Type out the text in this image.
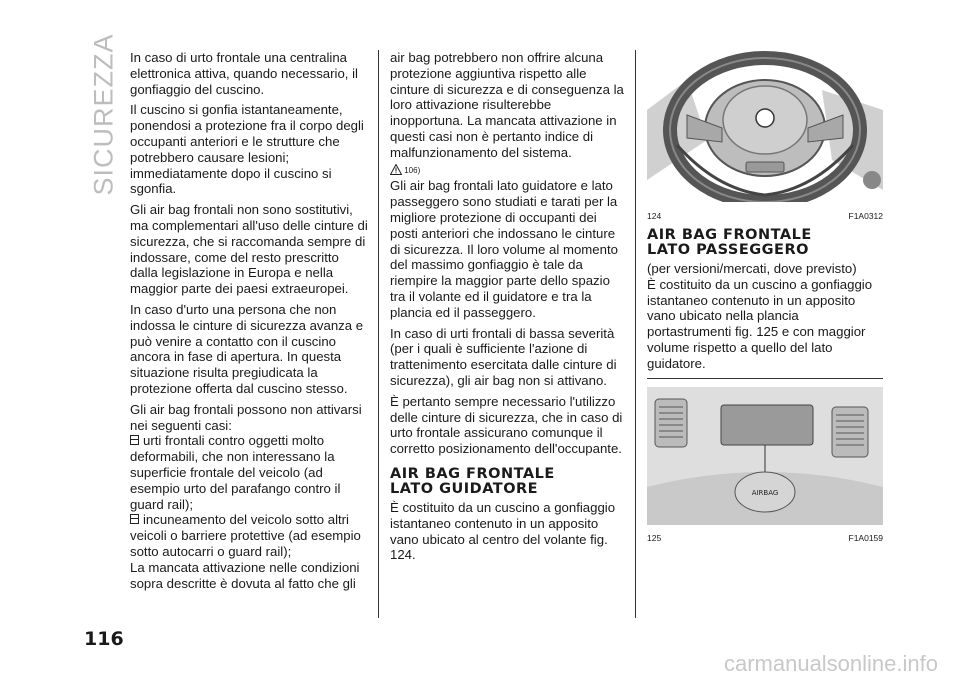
SICUREZZA In caso di urto frontale una centralina elettronica attiva, quando necessario, il gonfiaggio del cuscino.

Il cuscino si gonfia istantaneamente, ponendosi a protezione fra il corpo degli occupanti anteriori e le strutture che potrebbero causare lesioni; immediatamente dopo il cuscino si sgonfia.

Gli air bag frontali non sono sostitutivi, ma complementari all'uso delle cinture di sicurezza, che si raccomanda sempre di indossare, come del resto prescritto dalla legislazione in Europa e nella maggior parte dei paesi extraeuropei.

In caso d'urto una persona che non indossa le cinture di sicurezza avanza e può venire a contatto con il cuscino ancora in fase di apertura. In questa situazione risulta pregiudicata la protezione offerta dal cuscino stesso.

Gli air bag frontali possono non attivarsi nei seguenti casi:

urti frontali contro oggetti molto deformabili, che non interessano la superficie frontale del veicolo (ad esempio urto del parafango contro il guard rail);

incuneamento del veicolo sotto altri veicoli o barriere protettive (ad esempio sotto autocarri o guard rail);

La mancata attivazione nelle condizioni sopra descritte è dovuta al fatto che gli

air bag potrebbero non offrire alcuna protezione aggiuntiva rispetto alle cinture di sicurezza e di conseguenza la loro attivazione risulterebbe inopportuna. La mancata attivazione in questi casi non è pertanto indice di malfunzionamento del sistema.

106)

Gli air bag frontali lato guidatore e lato passeggero sono studiati e tarati per la migliore protezione di occupanti dei posti anteriori che indossano le cinture di sicurezza. Il loro volume al momento del massimo gonfiaggio è tale da riempire la maggior parte dello spazio tra il volante ed il guidatore e tra la plancia ed il passeggero.

In caso di urti frontali di bassa severità (per i quali è sufficiente l'azione di trattenimento esercitata dalle cinture di sicurezza), gli air bag non si attivano.

È pertanto sempre necessario l'utilizzo delle cinture di sicurezza, che in caso di urto frontale assicurano comunque il corretto posizionamento dell'occupante.

AIR BAG FRONTALE
LATO GUIDATORE

È costituito da un cuscino a gonfiaggio istantaneo contenuto in un apposito vano ubicato al centro del volante fig. 124.

124	F1A0312
AIR BAG FRONTALE
LATO PASSEGGERO

(per versioni/mercati, dove previsto)

È costituito da un cuscino a gonfiaggio istantaneo contenuto in un apposito vano ubicato nella plancia portastrumenti fig. 125 e con maggior volume rispetto a quello del lato guidatore.

AIRBAG
125	F1A0159
116
carmanualsonline.info
